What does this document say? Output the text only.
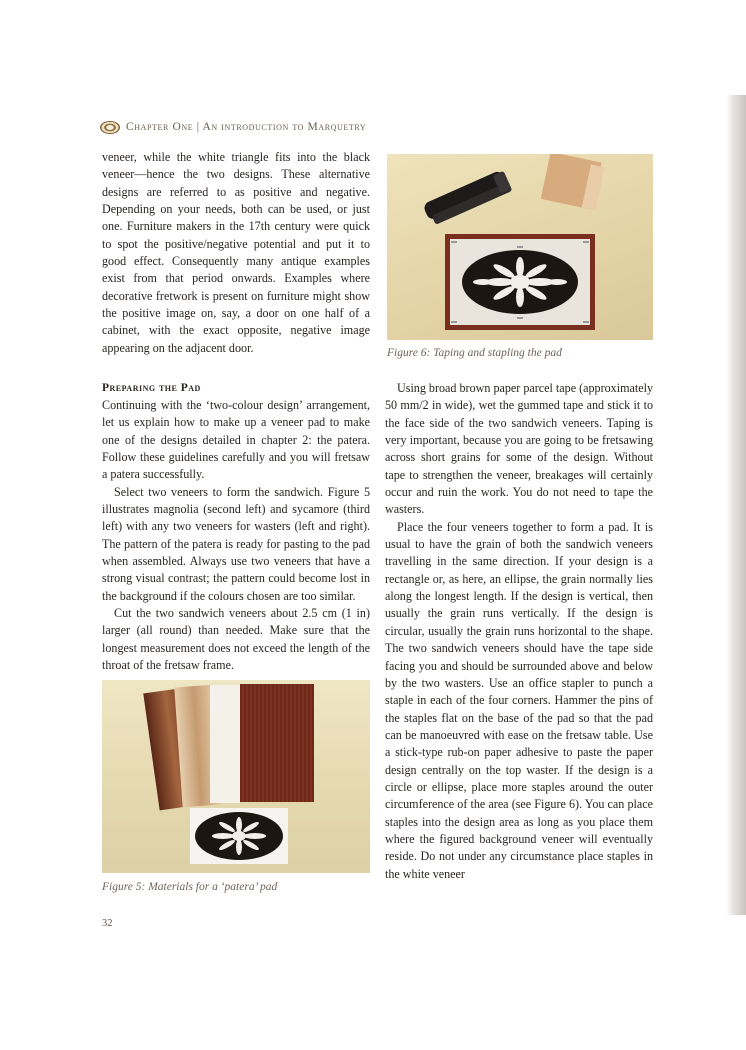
Chapter One | An introduction to Marquetry

veneer, while the white triangle fits into the black veneer—hence the two designs. These alternative designs are referred to as positive and negative. Depending on your needs, both can be used, or just one. Furniture makers in the 17th century were quick to spot the positive/negative potential and put it to good effect. Consequently many antique examples exist from that period onwards. Examples where decorative fretwork is present on furniture might show the positive image on, say, a door on one half of a cabinet, with the exact opposite, negative image appearing on the adjacent door.

Preparing the Pad

Continuing with the ‘two-colour design’ arrangement, let us explain how to make up a veneer pad to make one of the designs detailed in chapter 2: the patera. Follow these guidelines carefully and you will fretsaw a patera successfully.

Select two veneers to form the sandwich. Figure 5 illustrates magnolia (second left) and sycamore (third left) with any two veneers for wasters (left and right). The pattern of the patera is ready for pasting to the pad when assembled. Always use two veneers that have a strong visual contrast; the pattern could become lost in the background if the colours chosen are too similar.

Cut the two sandwich veneers about 2.5 cm (1 in) larger (all round) than needed. Make sure that the longest measurement does not exceed the length of the throat of the fretsaw frame.

Figure 6: Taping and stapling the pad

Using broad brown paper parcel tape (approximately 50 mm/2 in wide), wet the gummed tape and stick it to the face side of the two sandwich veneers. Taping is very important, because you are going to be fretsawing across short grains for some of the design. Without tape to strengthen the veneer, breakages will certainly occur and ruin the work. You do not need to tape the wasters.

Place the four veneers together to form a pad. It is usual to have the grain of both the sandwich veneers travelling in the same direction. If your design is a rectangle or, as here, an ellipse, the grain normally lies along the longest length. If the design is vertical, then usually the grain runs vertically. If the design is circular, usually the grain runs horizontal to the shape. The two sandwich veneers should have the tape side facing you and should be surrounded above and below by the two wasters. Use an office stapler to punch a staple in each of the four corners. Hammer the pins of the staples flat on the base of the pad so that the pad can be manoeuvred with ease on the fretsaw table. Use a stick-type rub-on paper adhesive to paste the paper design centrally on the top waster. If the design is a circle or ellipse, place more staples around the outer circumference of the area (see Figure 6). You can place staples into the design area as long as you place them where the figured background veneer will eventually reside. Do not under any circumstance place staples in the white veneer

Figure 5: Materials for a ‘patera’ pad
32
